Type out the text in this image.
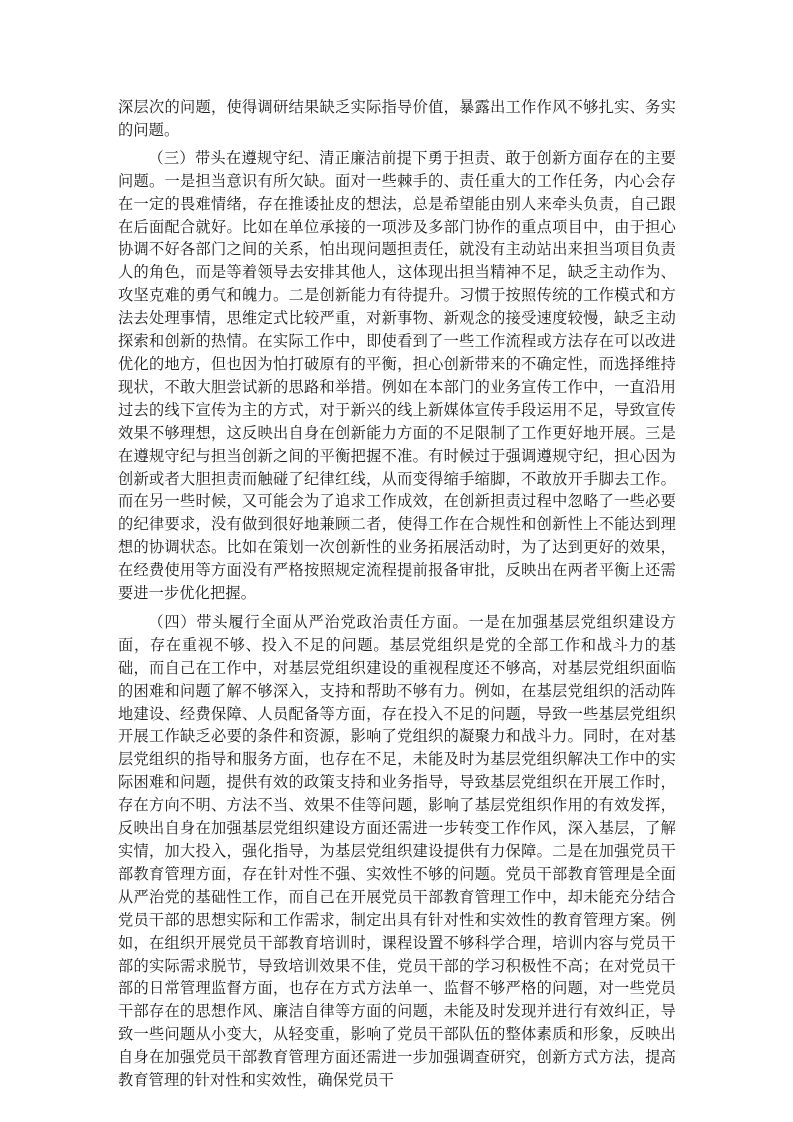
深层次的问题，使得调研结果缺乏实际指导价值，暴露出工作作风不够扎实、务实的问题。

（三）带头在遵规守纪、清正廉洁前提下勇于担责、敢于创新方面存在的主要问题。一是担当意识有所欠缺。面对一些棘手的、责任重大的工作任务，内心会存在一定的畏难情绪，存在推诿扯皮的想法，总是希望能由别人来牵头负责，自己跟在后面配合就好。比如在单位承接的一项涉及多部门协作的重点项目中，由于担心协调不好各部门之间的关系，怕出现问题担责任，就没有主动站出来担当项目负责人的角色，而是等着领导去安排其他人，这体现出担当精神不足，缺乏主动作为、攻坚克难的勇气和魄力。二是创新能力有待提升。习惯于按照传统的工作模式和方法去处理事情，思维定式比较严重，对新事物、新观念的接受速度较慢，缺乏主动探索和创新的热情。在实际工作中，即使看到了一些工作流程或方法存在可以改进优化的地方，但也因为怕打破原有的平衡，担心创新带来的不确定性，而选择维持现状，不敢大胆尝试新的思路和举措。例如在本部门的业务宣传工作中，一直沿用过去的线下宣传为主的方式，对于新兴的线上新媒体宣传手段运用不足，导致宣传效果不够理想，这反映出自身在创新能力方面的不足限制了工作更好地开展。三是在遵规守纪与担当创新之间的平衡把握不准。有时候过于强调遵规守纪，担心因为创新或者大胆担责而触碰了纪律红线，从而变得缩手缩脚，不敢放开手脚去工作。而在另一些时候，又可能会为了追求工作成效，在创新担责过程中忽略了一些必要的纪律要求，没有做到很好地兼顾二者，使得工作在合规性和创新性上不能达到理想的协调状态。比如在策划一次创新性的业务拓展活动时，为了达到更好的效果，在经费使用等方面没有严格按照规定流程提前报备审批，反映出在两者平衡上还需要进一步优化把握。

（四）带头履行全面从严治党政治责任方面。一是在加强基层党组织建设方面，存在重视不够、投入不足的问题。基层党组织是党的全部工作和战斗力的基础，而自己在工作中，对基层党组织建设的重视程度还不够高，对基层党组织面临的困难和问题了解不够深入，支持和帮助不够有力。例如，在基层党组织的活动阵地建设、经费保障、人员配备等方面，存在投入不足的问题，导致一些基层党组织开展工作缺乏必要的条件和资源，影响了党组织的凝聚力和战斗力。同时，在对基层党组织的指导和服务方面，也存在不足，未能及时为基层党组织解决工作中的实际困难和问题，提供有效的政策支持和业务指导，导致基层党组织在开展工作时，存在方向不明、方法不当、效果不佳等问题，影响了基层党组织作用的有效发挥，反映出自身在加强基层党组织建设方面还需进一步转变工作作风，深入基层，了解实情，加大投入，强化指导，为基层党组织建设提供有力保障。二是在加强党员干部教育管理方面，存在针对性不强、实效性不够的问题。党员干部教育管理是全面从严治党的基础性工作，而自己在开展党员干部教育管理工作中，却未能充分结合党员干部的思想实际和工作需求，制定出具有针对性和实效性的教育管理方案。例如，在组织开展党员干部教育培训时，课程设置不够科学合理，培训内容与党员干部的实际需求脱节，导致培训效果不佳，党员干部的学习积极性不高；在对党员干部的日常管理监督方面，也存在方式方法单一、监督不够严格的问题，对一些党员干部存在的思想作风、廉洁自律等方面的问题，未能及时发现并进行有效纠正，导致一些问题从小变大，从轻变重，影响了党员干部队伍的整体素质和形象，反映出自身在加强党员干部教育管理方面还需进一步加强调查研究，创新方式方法，提高教育管理的针对性和实效性，确保党员干
